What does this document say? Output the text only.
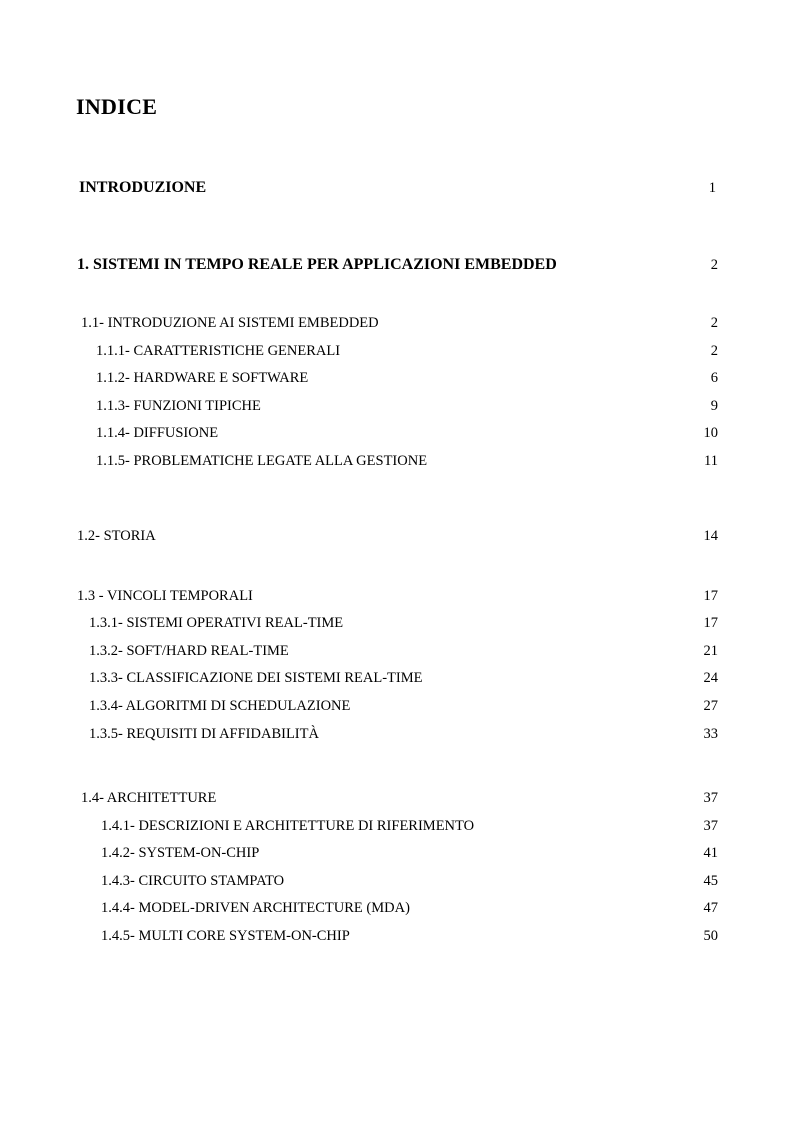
INDICE
INTRODUZIONE	1
1. SISTEMI IN TEMPO REALE PER APPLICAZIONI EMBEDDED	2
1.1- INTRODUZIONE AI SISTEMI EMBEDDED	2
1.1.1- CARATTERISTICHE GENERALI	2
1.1.2- HARDWARE E SOFTWARE	6
1.1.3- FUNZIONI TIPICHE	9
1.1.4- DIFFUSIONE	10
1.1.5- PROBLEMATICHE LEGATE ALLA GESTIONE	11
1.2- STORIA	14
1.3 - VINCOLI TEMPORALI	17
1.3.1- SISTEMI OPERATIVI REAL-TIME	17
1.3.2- SOFT/HARD REAL-TIME	21
1.3.3- CLASSIFICAZIONE DEI SISTEMI REAL-TIME	24
1.3.4- ALGORITMI DI SCHEDULAZIONE	27
1.3.5- REQUISITI DI AFFIDABILITÀ	33
1.4- ARCHITETTURE	37
1.4.1- DESCRIZIONI E ARCHITETTURE DI RIFERIMENTO	37
1.4.2- SYSTEM-ON-CHIP	41
1.4.3- CIRCUITO STAMPATO	45
1.4.4- MODEL-DRIVEN ARCHITECTURE (MDA)	47
1.4.5- MULTI CORE SYSTEM-ON-CHIP	50
